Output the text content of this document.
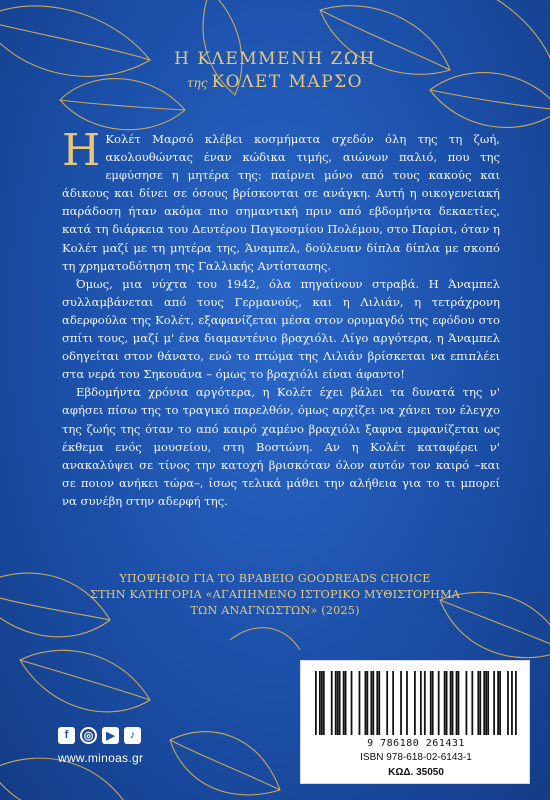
Η ΚΛΕΜΜΕΝΗ ΖΩΗ
της ΚΟΛΕΤ ΜΑΡΣΟ

Η Κολέτ Μαρσό κλέβει κοσμήματα σχεδόν όλη της τη ζωή, ακολουθώντας έναν κώδικα τιμής, αιώνων παλιό, που της εμφύσησε η μητέρα της: παίρνει μόνο από τους κακούς και άδικους και δίνει σε όσους βρίσκονται σε ανάγκη. Αυτή η οικογενειακή παράδοση ήταν ακόμα πιο σημαντική πριν από εβδομήντα δεκαετίες, κατά τη διάρκεια του Δευτέρου Παγκοσμίου Πολέμου, στο Παρίσι, όταν η Κολέτ μαζί με τη μητέρα της, Άναμπελ, δούλευαν δίπλα δίπλα με σκοπό τη χρηματοδότηση της Γαλλικής Αντίστασης.

Όμως, μια νύχτα του 1942, όλα πηγαίνουν στραβά. Η Άναμπελ συλλαμβάνεται από τους Γερμανούς, και η Λιλιάν, η τετράχρονη αδερφούλα της Κολέτ, εξαφανίζεται μέσα στον ορυμαγδό της εφόδου στο σπίτι τους, μαζί μ' ένα διαμαντένιο βραχιόλι. Λίγο αργότερα, η Άναμπελ οδηγείται στον θάνατο, ενώ το πτώμα της Λιλιάν βρίσκεται να επιπλέει στα νερά του Σηκουάνα – όμως το βραχιόλι είναι άφαντο!

Εβδομήντα χρόνια αργότερα, η Κολέτ έχει βάλει τα δυνατά της ν' αφήσει πίσω της το τραγικό παρελθόν, όμως αρχίζει να χάνει τον έλεγχο της ζωής της όταν το από καιρό χαμένο βραχιόλι ξαφνα εμφανίζεται ως έκθεμα ενός μουσείου, στη Βοστώνη. Αν η Κολέτ καταφέρει ν' ανακαλύψει σε τίνος την κατοχή βρισκόταν όλον αυτόν τον καιρό –και σε ποιον ανήκει τώρα–, ίσως τελικά μάθει την αλήθεια για το τι μπορεί να συνέβη στην αδερφή της.

ΥΠΟΨΗΦΙΟ ΓΙΑ ΤΟ ΒΡΑΒΕΙΟ GOODREADS CHOICE
ΣΤΗΝ ΚΑΤΗΓΟΡΙΑ «ΑΓΑΠΗΜΕΝΟ ΙΣΤΟΡΙΚΟ ΜΥΘΙΣΤΟΡΗΜΑ
ΤΩΝ ΑΝΑΓΝΩΣΤΩΝ» (2025)
f	◎	▶	♪
www.minoas.gr
9 786180 261431
ISBN 978-618-02-6143-1
ΚΩΔ. 35050
